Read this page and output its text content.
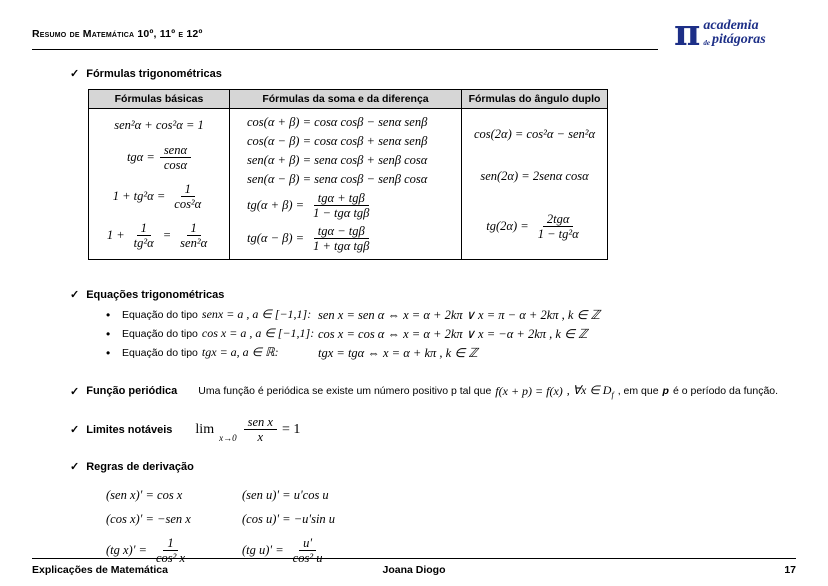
Resumo de Matemática 10º, 11º e 12º	π academia
de pitágoras
✓ Fórmulas trigonométricas
Fórmulas básicas	Fórmulas da soma e da diferença	Fórmulas do ângulo duplo

sen²α + cos²α = 1
$tg\alpha = \frac{\text{senα}}{\cos\alpha}$
$1 + tg^2\alpha = \frac{1}{\text{cos²α}}$
$1 + \frac{1}{\text{tg²α}} = \frac{1}{\text{sen²α}}$

cos(α + β) = cosα cosβ − senα senβ
cos(α − β) = cosα cosβ + senα senβ
sen(α + β) = senα cosβ + senβ cosα
sen(α − β) = senα cosβ − senβ cosα
$tg(\alpha + \beta) = \frac{\text{tgα + tgβ}}{\text{1 − tgα tgβ}}$
$tg(\alpha - \beta) = \frac{\text{tgα − tgβ}}{\text{1 + tgα tgβ}}$

cos(2α) = cos²α − sen²α
sen(2α) = 2senα cosα
$tg(2\alpha) = \frac{\text{2tgα}}{\text{1 − tg²α}}$
✓ Equações trigonométricas
•	Equação do tipo senx = a , a ∈ [−1,1]: sen x = sen α ⇔ x = α + 2kπ ∨ x = π − α + 2kπ , k ∈ ℤ
•	Equação do tipo cos x = a , a ∈ [−1,1]: cos x = cos α ⇔ x = α + 2kπ ∨ x = −α + 2kπ , k ∈ ℤ
•	Equação do tipo tgx = a, a ∈ ℝ:	tgx = tgα ⇔ x = α + kπ , k ∈ ℤ
✓ Função periódica Uma função é periódica se existe um número positivo p tal que f(x + p) = f(x) , ∀x ∈ $D_f$ , em que p é o período da função.
✓ Limites notáveis lim
$x\to 0 \frac{\text{sen x}}{x} = 1$
✓ Regras de derivação
(sen x)' = cos x	(sen u)' = u'cos u
(cos x)' = −sen x	(cos u)' = −u'sin u
(tg $x)' = \frac{1}{\text{cos² x}}$	(tg $u)' = \frac{u'}{\text{cos² u}}$
Explicações de Matemática	Joana Diogo	17
